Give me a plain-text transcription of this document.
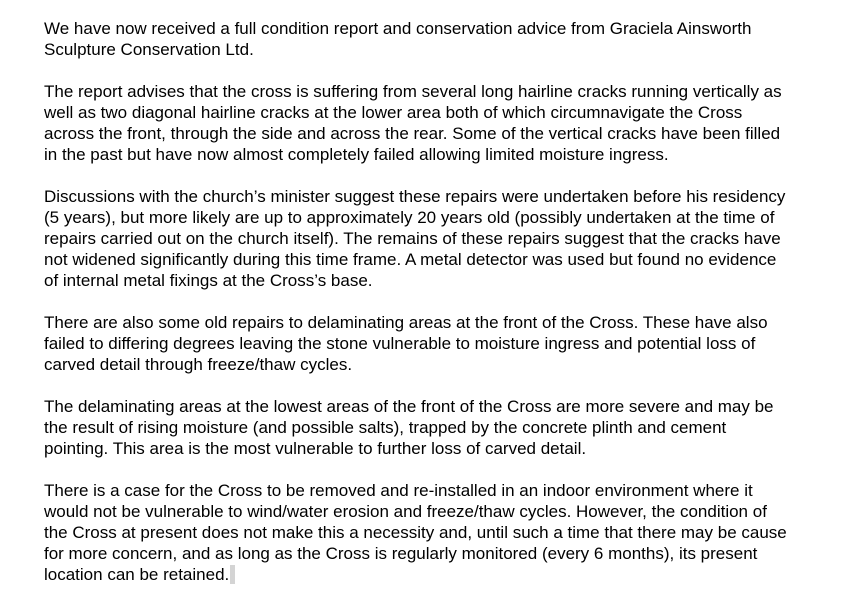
We have now received a full condition report and conservation advice from Graciela Ainsworth
Sculpture Conservation Ltd.

The report advises that the cross is suffering from several long hairline cracks running vertically as
well as two diagonal hairline cracks at the lower area both of which circumnavigate the Cross
across the front, through the side and across the rear. Some of the vertical cracks have been filled
in the past but have now almost completely failed allowing limited moisture ingress.

Discussions with the church’s minister suggest these repairs were undertaken before his residency
(5 years), but more likely are up to approximately 20 years old (possibly undertaken at the time of
repairs carried out on the church itself). The remains of these repairs suggest that the cracks have
not widened significantly during this time frame. A metal detector was used but found no evidence
of internal metal fixings at the Cross’s base.

There are also some old repairs to delaminating areas at the front of the Cross. These have also
failed to differing degrees leaving the stone vulnerable to moisture ingress and potential loss of
carved detail through freeze/thaw cycles.

The delaminating areas at the lowest areas of the front of the Cross are more severe and may be
the result of rising moisture (and possible salts), trapped by the concrete plinth and cement
pointing. This area is the most vulnerable to further loss of carved detail.

There is a case for the Cross to be removed and re-installed in an indoor environment where it
would not be vulnerable to wind/water erosion and freeze/thaw cycles. However, the condition of
the Cross at present does not make this a necessity and, until such a time that there may be cause
for more concern, and as long as the Cross is regularly monitored (every 6 months), its present
location can be retained.
